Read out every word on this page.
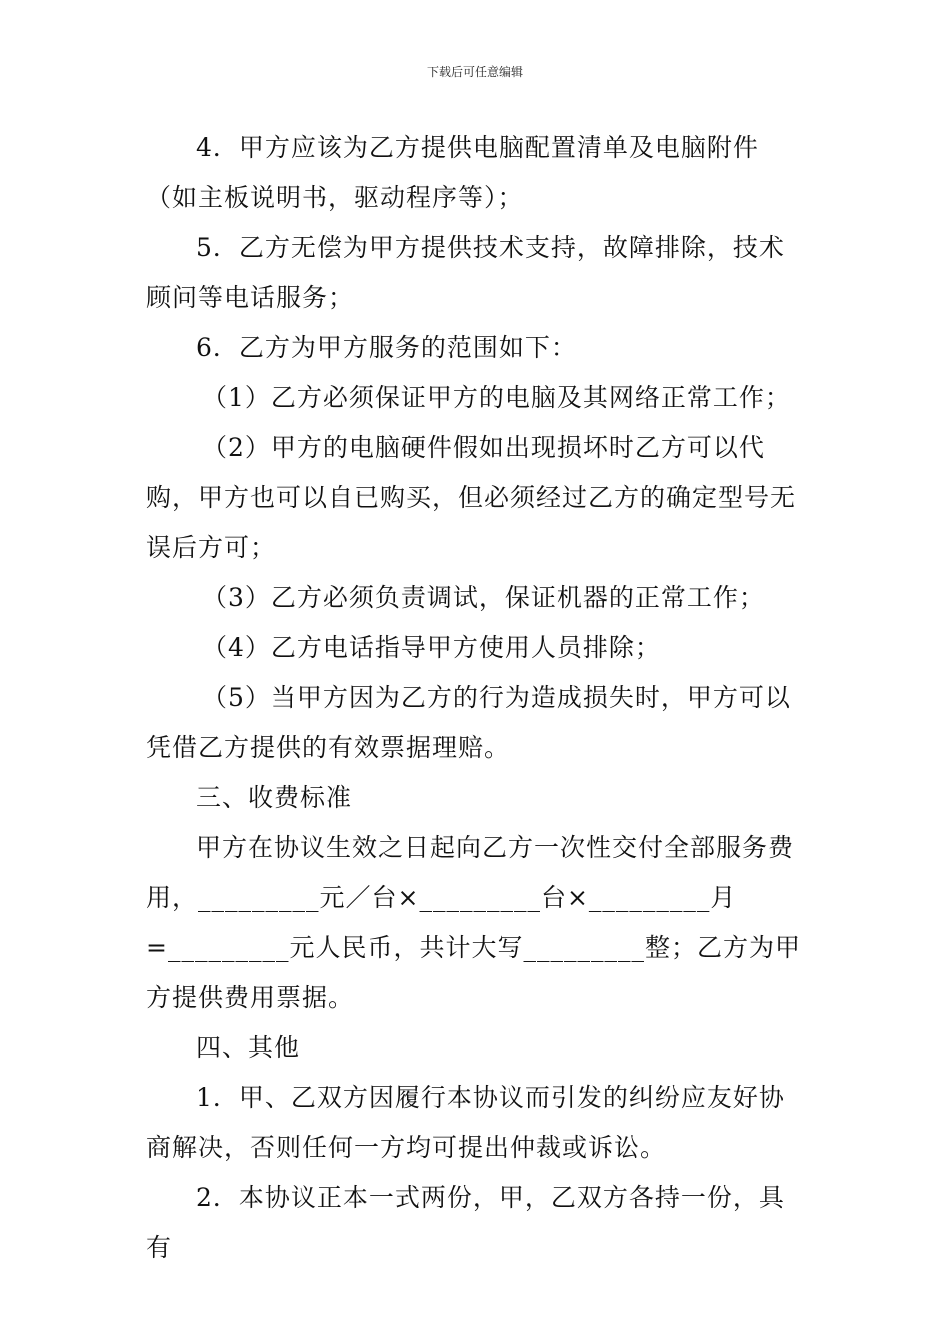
下载后可任意编辑

4．甲方应该为乙方提供电脑配置清单及电脑附件（如主板说明书，驱动程序等）；

5．乙方无偿为甲方提供技术支持，故障排除，技术顾问等电话服务；

6．乙方为甲方服务的范围如下：

（1）乙方必须保证甲方的电脑及其网络正常工作；

（2）甲方的电脑硬件假如出现损坏时乙方可以代购，甲方也可以自已购买，但必须经过乙方的确定型号无误后方可；

（3）乙方必须负责调试，保证机器的正常工作；

（4）乙方电话指导甲方使用人员排除；

（5）当甲方因为乙方的行为造成损失时，甲方可以凭借乙方提供的有效票据理赔。

三、收费标准

甲方在协议生效之日起向乙方一次性交付全部服务费用，_________元／台×_________台×_________月=_________元人民币，共计大写_________整；乙方为甲方提供费用票据。

四、其他

1．甲、乙双方因履行本协议而引发的纠纷应友好协商解决，否则任何一方均可提出仲裁或诉讼。

2．本协议正本一式两份，甲，乙双方各持一份，具有
